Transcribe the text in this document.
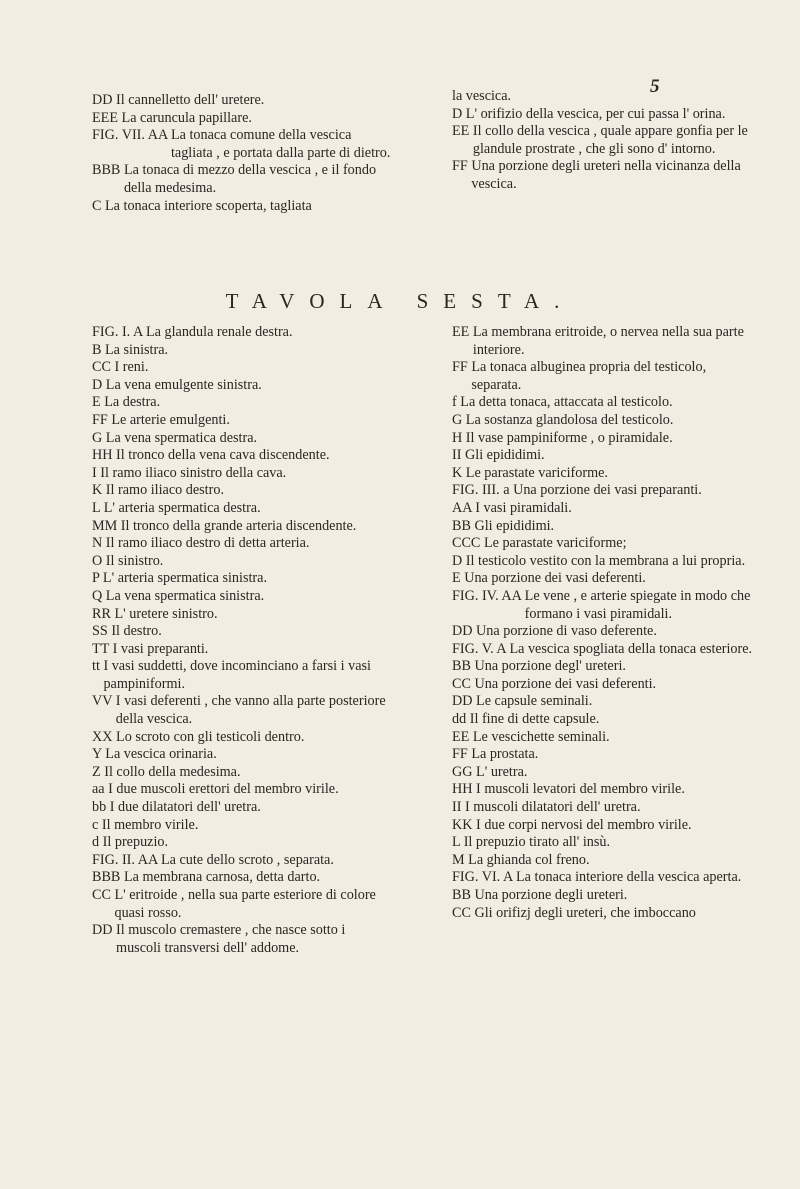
5
DD Il cannelletto dell' uretere.
EEE La caruncula papillare.
FIG. VII. AA La tonaca comune della vescica tagliata , e portata dalla parte di dietro.
BBB La tonaca di mezzo della vescica , e il fondo della medesima.
C La tonaca interiore scoperta, tagliata
la vescica.
D L' orifizio della vescica, per cui passa l' orina.
EE Il collo della vescica , quale appare gonfia per le glandule prostrate , che gli sono d' intorno.
FF Una porzione degli ureteri nella vicinanza della vescica.
TAVOLA SESTA.
FIG. I. A La glandula renale destra.
B La sinistra.
CC I reni.
D La vena emulgente sinistra.
E La destra.
FF Le arterie emulgenti.
G La vena spermatica destra.
HH Il tronco della vena cava discendente.
I Il ramo iliaco sinistro della cava.
K Il ramo iliaco destro.
L L' arteria spermatica destra.
MM Il tronco della grande arteria discendente.
N Il ramo iliaco destro di detta arteria.
O Il sinistro.
P L' arteria spermatica sinistra.
Q La vena spermatica sinistra.
RR L' uretere sinistro.
SS Il destro.
TT I vasi preparanti.
tt I vasi suddetti, dove incominciano a farsi i vasi pampiniformi.
VV I vasi deferenti , che vanno alla parte posteriore della vescica.
XX Lo scroto con gli testicoli dentro.
Y La vescica orinaria.
Z Il collo della medesima.
aa I due muscoli erettori del membro virile.
bb I due dilatatori dell' uretra.
c Il membro virile.
d Il prepuzio.
FIG. II. AA La cute dello scroto , separata.
BBB La membrana carnosa, detta darto.
CC L' eritroide , nella sua parte esteriore di colore quasi rosso.
DD Il muscolo cremastere , che nasce sotto i muscoli transversi dell' addome.
EE La membrana eritroide, o nervea nella sua parte interiore.
FF La tonaca albuginea propria del testicolo, separata.
f La detta tonaca, attaccata al testicolo.
G La sostanza glandolosa del testicolo.
H Il vase pampiniforme , o piramidale.
II Gli epididimi.
K Le parastate variciforme.
FIG. III. a Una porzione dei vasi preparanti.
AA I vasi piramidali.
BB Gli epididimi.
CCC Le parastate variciforme;
D Il testicolo vestito con la membrana a lui propria.
E Una porzione dei vasi deferenti.
FIG. IV. AA Le vene , e arterie spiegate in modo che formano i vasi piramidali.
DD Una porzione di vaso deferente.
FIG. V. A La vescica spogliata della tonaca esteriore.
BB Una porzione degl' ureteri.
CC Una porzione dei vasi deferenti.
DD Le capsule seminali.
dd Il fine di dette capsule.
EE Le vescichette seminali.
FF La prostata.
GG L' uretra.
HH I muscoli levatori del membro virile.
II I muscoli dilatatori dell' uretra.
KK I due corpi nervosi del membro virile.
L Il prepuzio tirato all' insù.
M La ghianda col freno.
FIG. VI. A La tonaca interiore della vescica aperta.
BB Una porzione degli ureteri.
CC Gli orifizj degli ureteri, che imboccano
